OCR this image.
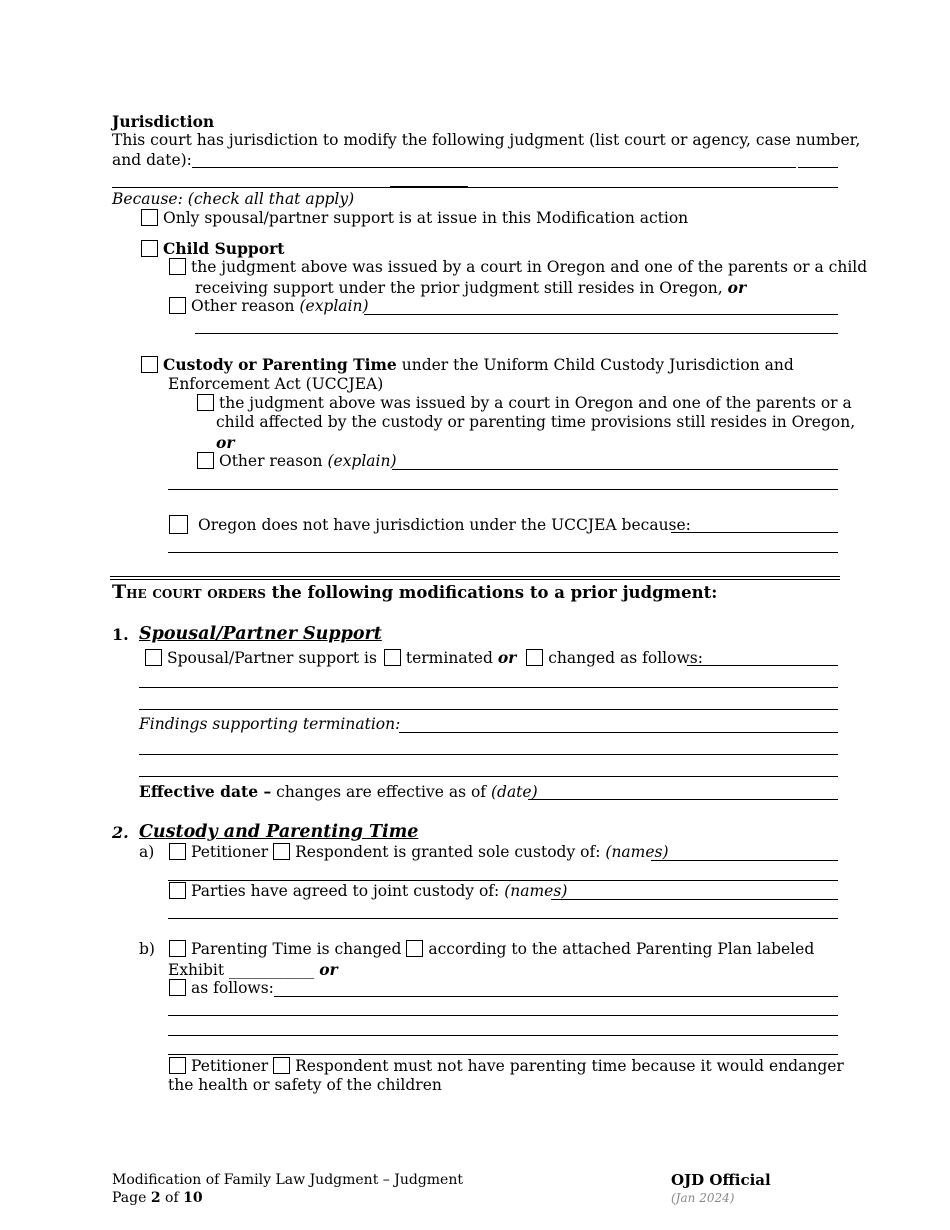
Jurisdiction
This court has jurisdiction to modify the following judgment (list court or agency, case number,
and date):
Because: (check all that apply)
Only spousal/partner support is at issue in this Modification action
Child Support
the judgment above was issued by a court in Oregon and one of the parents or a child
receiving support under the prior judgment still resides in Oregon, or
Other reason (explain)
Custody or Parenting Time under the Uniform Child Custody Jurisdiction and
Enforcement Act (UCCJEA)
the judgment above was issued by a court in Oregon and one of the parents or a
child affected by the custody or parenting time provisions still resides in Oregon,
or
Other reason (explain)
Oregon does not have jurisdiction under the UCCJEA because:
The court orders the following modifications to a prior judgment:
1. Spousal/Partner Support
Spousal/Partner support is terminated or changed as follows:
Findings supporting termination:
Effective date – changes are effective as of (date)
2. Custody and Parenting Time
a)	Petitioner Respondent is granted sole custody of: (names)
Parties have agreed to joint custody of: (names)
b)	Parenting Time is changed according to the attached Parenting Plan labeled
Exhibit ___________ or
as follows:
Petitioner Respondent must not have parenting time because it would endanger
the health or safety of the children
Modification of Family Law Judgment – Judgment
Page 2 of 10
OJD Official
(Jan 2024)
